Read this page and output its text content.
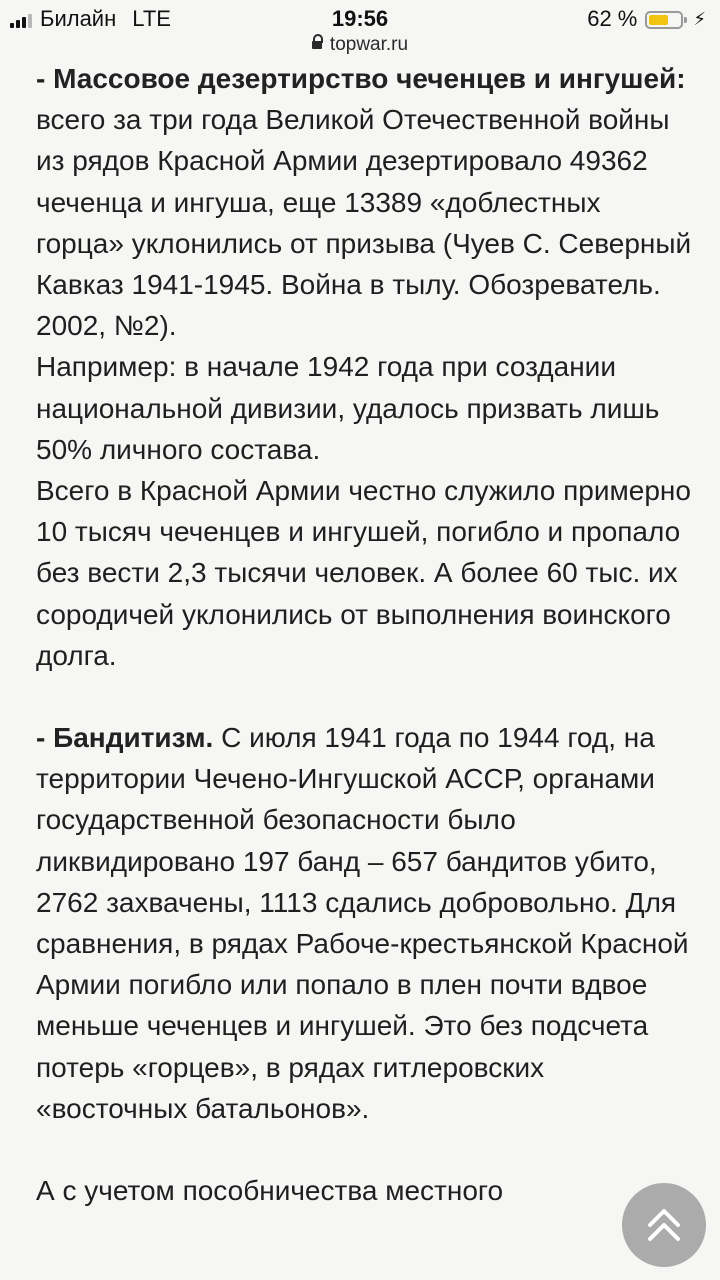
Билайн LTE	19:56	62 %	⚡︎
topwar.ru

- Массовое дезертирство чеченцев и ингушей: всего за три года Великой Отечественной войны из рядов Красной Армии дезертировало 49362 чеченца и ингуша, еще 13389 «доблестных горца» уклонились от призыва (Чуев С. Северный Кавказ 1941-1945. Война в тылу. Обозреватель. 2002, №2).

Например: в начале 1942 года при создании национальной дивизии, удалось призвать лишь 50% личного состава.

Всего в Красной Армии честно служило примерно 10 тысяч чеченцев и ингушей, погибло и пропало без вести 2,3 тысячи человек. А более 60 тыс. их сородичей уклонились от выполнения воинского долга.

- Бандитизм. С июля 1941 года по 1944 год, на территории Чечено-Ингушской АССР, органами государственной безопасности было ликвидировано 197 банд – 657 бандитов убито, 2762 захвачены, 1113 сдались добровольно. Для сравнения, в рядах Рабоче-крестьянской Красной Армии погибло или попало в плен почти вдвое меньше чеченцев и ингушей. Это без подсчета потерь «горцев», в рядах гитлеровских «восточных батальонов».

А с учетом пособничества местного
